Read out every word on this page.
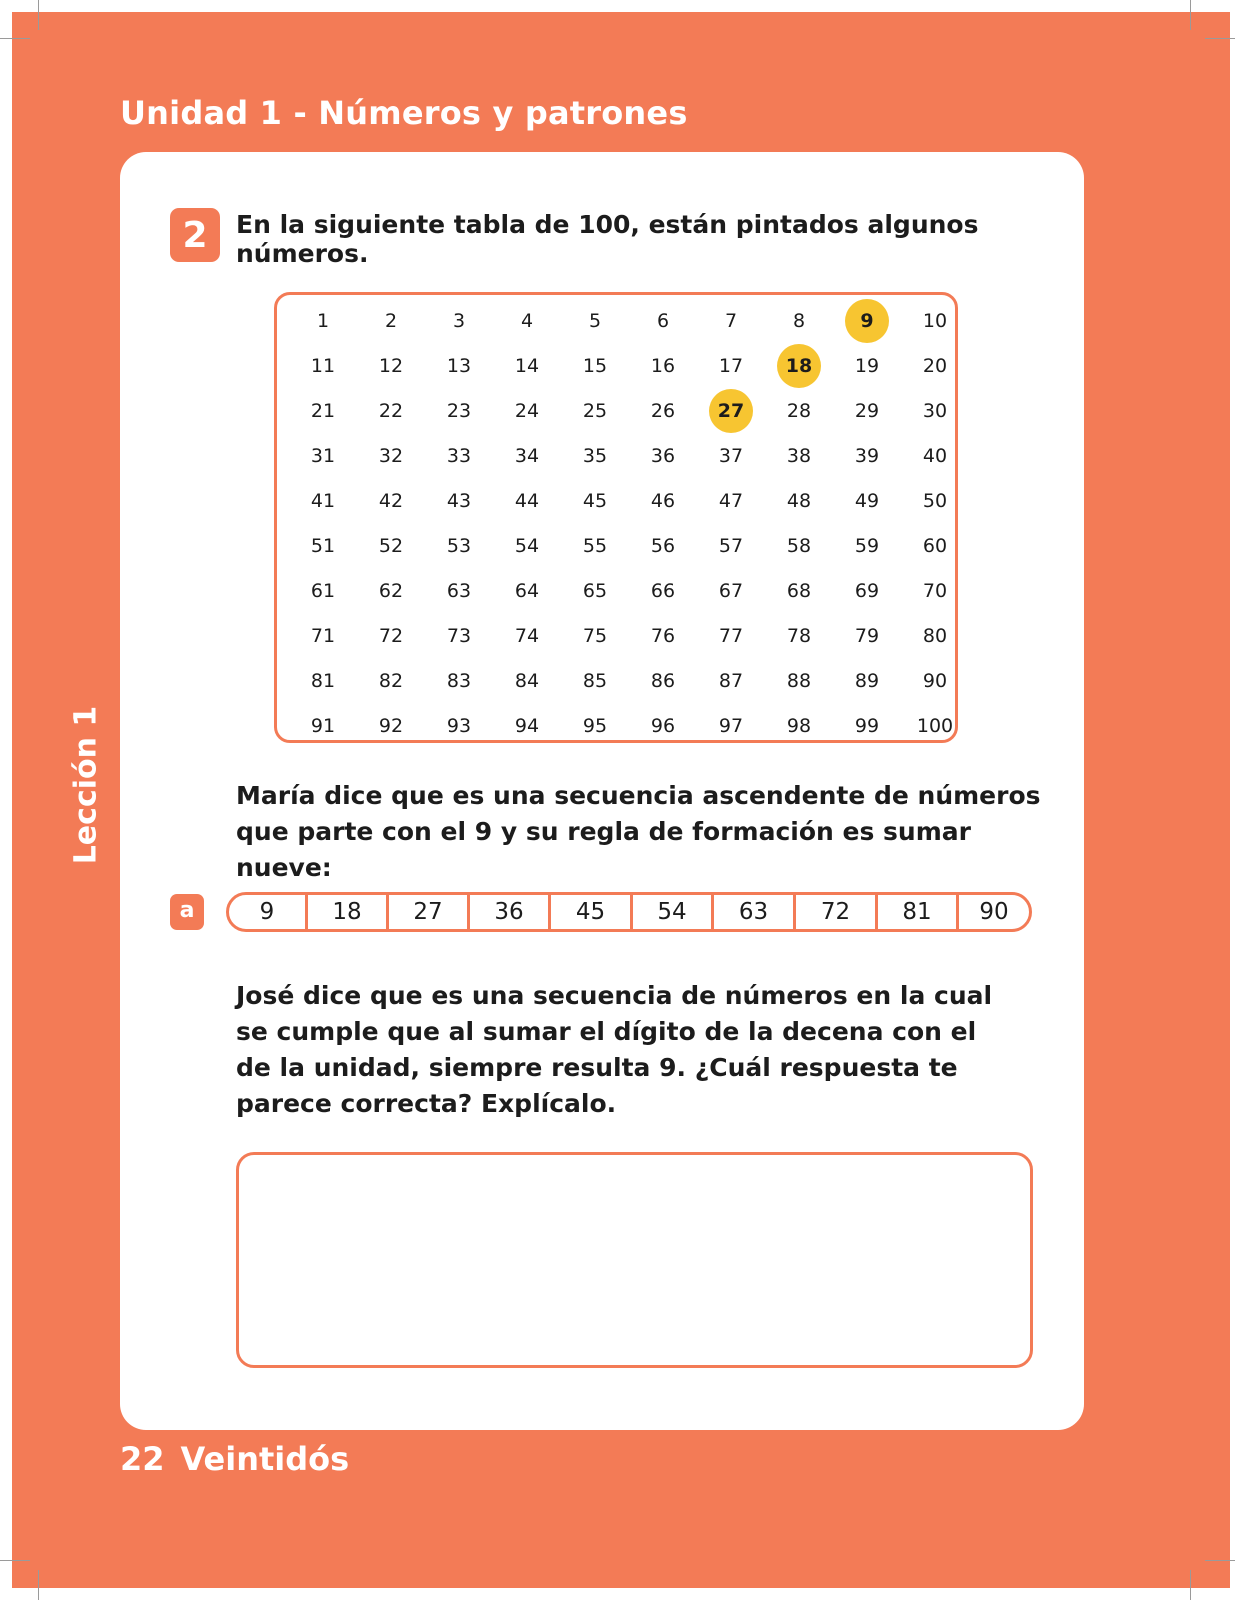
Unidad 1 - Números y patrones
Lección 1
2	En la siguiente tabla de 100, están pintados algunos números.
1	2	3	4	5	6	7	8	9	10
11	12	13	14	15	16	17	18	19	20
21	22	23	24	25	26	27	28	29	30
31	32	33	34	35	36	37	38	39	40
41	42	43	44	45	46	47	48	49	50
51	52	53	54	55	56	57	58	59	60
61	62	63	64	65	66	67	68	69	70
71	72	73	74	75	76	77	78	79	80
81	82	83	84	85	86	87	88	89	90
91	92	93	94	95	96	97	98	99	100
María dice que es una secuencia ascendente de números que parte con el 9 y su regla de formación es sumar nueve:
a	9	18	27	36	45	54	63	72	81	90
José dice que es una secuencia de números en la cual se cumple que al sumar el dígito de la decena con el de la unidad, siempre resulta 9. ¿Cuál respuesta te parece correcta? Explícalo.
22 Veintidós
